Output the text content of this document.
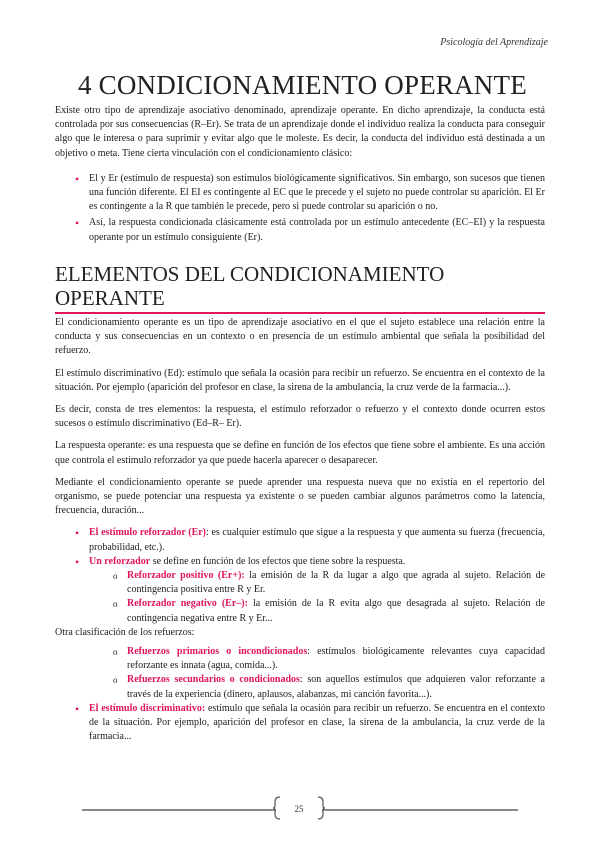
Psicología del Aprendizaje
4 CONDICIONAMIENTO OPERANTE

Existe otro tipo de aprendizaje asociativo denominado, aprendizaje operante. En dicho aprendizaje, la conducta está controlada por sus consecuencias (R–Er). Se trata de un aprendizaje donde el individuo realiza la conducta para conseguir algo que le interesa o para suprimir y evitar algo que le moleste. Es decir, la conducta del individuo está destinada a un objetivo o meta. Tiene cierta vinculación con el condicionamiento clásico:

• El y Er (estímulo de respuesta) son estímulos biológicamente significativos. Sin embargo, son sucesos que tienen una función diferente. El EI es contingente al EC que le precede y el sujeto no puede controlar su aparición. El Er es contingente a la R que también le precede, pero si puede controlar su aparición o no.
• Así, la respuesta condicionada clásicamente está controlada por un estímulo antecedente (EC–EI) y la respuesta operante por un estímulo consiguiente (Er).
ELEMENTOS DEL CONDICIONAMIENTO OPERANTE

El condicionamiento operante es un tipo de aprendizaje asociativo en el que el sujeto establece una relación entre la conducta y sus consecuencias en un contexto o en presencia de un estímulo ambiental que señala la posibilidad del refuerzo.

El estímulo discriminativo (Ed): estímulo que señala la ocasión para recibir un refuerzo. Se encuentra en el contexto de la situación. Por ejemplo (aparición del profesor en clase, la sirena de la ambulancia, la cruz verde de la farmacia...).

Es decir, consta de tres elementos: la respuesta, el estímulo reforzador o refuerzo y el contexto donde ocurren estos sucesos o estímulo discriminativo (Ed–R– Er).

La respuesta operante: es una respuesta que se define en función de los efectos que tiene sobre el ambiente. Es una acción que controla el estímulo reforzador ya que puede hacerla aparecer o desaparecer.

Mediante el condicionamiento operante se puede aprender una respuesta nueva que no existía en el repertorio del organismo, se puede potenciar una respuesta ya existente o se pueden cambiar algunos parámetros como la latencia, frecuencia, duración...

• El estímulo reforzador (Er): es cualquier estímulo que sigue a la respuesta y que aumenta su fuerza (frecuencia, probabilidad, etc.).
• Un reforzador se define en función de los efectos que tiene sobre la respuesta.
o Reforzador positivo (Er+): la emisión de la R da lugar a algo que agrada al sujeto. Relación de contingencia positiva entre R y Er.
o Reforzador negativo (Er–): la emisión de la R evita algo que desagrada al sujeto. Relación de contingencia negativa entre R y Er...

Otra clasificación de los refuerzos:

o Refuerzos primarios o incondicionados: estímulos biológicamente relevantes cuya capacidad reforzante es innata (agua, comida...).
o Refuerzos secundarios o condicionados: son aquellos estímulos que adquieren valor reforzante a través de la experiencia (dinero, aplausos, alabanzas, mi canción favorita...).
• El estímulo discriminativo: estímulo que señala la ocasión para recibir un refuerzo. Se encuentra en el contexto de la situación. Por ejemplo, aparición del profesor en clase, la sirena de la ambulancia, la cruz verde de la farmacia...
25
